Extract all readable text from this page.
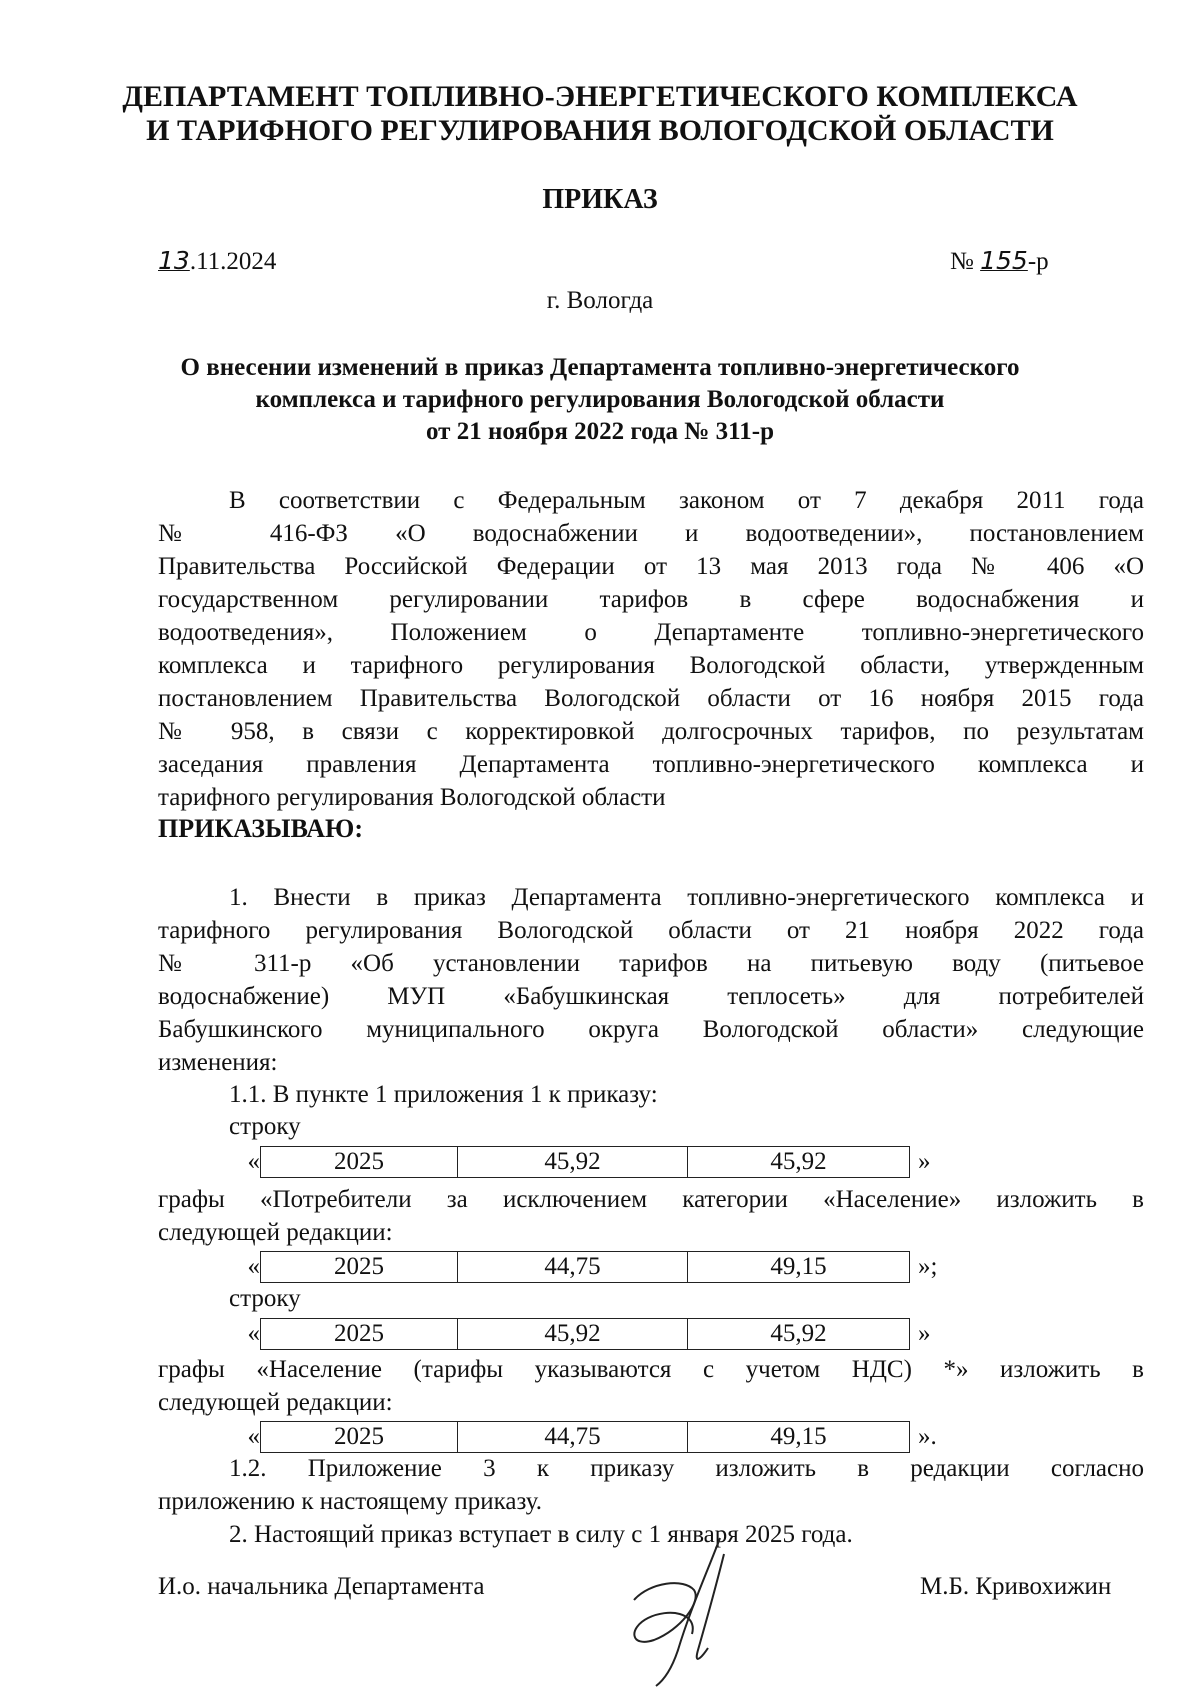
ДЕПАРТАМЕНТ ТОПЛИВНО-ЭНЕРГЕТИЧЕСКОГО КОМПЛЕКСА
И ТАРИФНОГО РЕГУЛИРОВАНИЯ ВОЛОГОДСКОЙ ОБЛАСТИ
ПРИКАЗ
13.11.2024	№ 155-р
г. Вологда
О внесении изменений в приказ Департамента топливно-энергетического
комплекса и тарифного регулирования Вологодской области
от 21 ноября 2022 года № 311-р
В соответствии с Федеральным законом от 7 декабря 2011 года
№ 416-ФЗ «О водоснабжении и водоотведении», постановлением
Правительства Российской Федерации от 13 мая 2013 года № 406 «О
государственном регулировании тарифов в сфере водоснабжения и
водоотведения», Положением о Департаменте топливно-энергетического
комплекса и тарифного регулирования Вологодской области, утвержденным
постановлением Правительства Вологодской области от 16 ноября 2015 года
№ 958, в связи с корректировкой долгосрочных тарифов, по результатам
заседания правления Департамента топливно-энергетического комплекса и
тарифного регулирования Вологодской области
ПРИКАЗЫВАЮ:
1. Внести в приказ Департамента топливно-энергетического комплекса и
тарифного регулирования Вологодской области от 21 ноября 2022 года
№ 311-р «Об установлении тарифов на питьевую воду (питьевое
водоснабжение) МУП «Бабушкинская теплосеть» для потребителей
Бабушкинского муниципального округа Вологодской области» следующие
изменения:
1.1. В пункте 1 приложения 1 к приказу:
строку
«	2025	45,92	45,92	»
графы «Потребители за исключением категории «Население» изложить в
следующей редакции:
«	2025	44,75	49,15	»;
строку
«	2025	45,92	45,92	»
графы «Население (тарифы указываются с учетом НДС) *» изложить в
следующей редакции:
«	2025	44,75	49,15	».
1.2. Приложение 3 к приказу изложить в редакции согласно
приложению к настоящему приказу.
2. Настоящий приказ вступает в силу с 1 января 2025 года.
И.о. начальника Департамента	М.Б. Кривохижин
